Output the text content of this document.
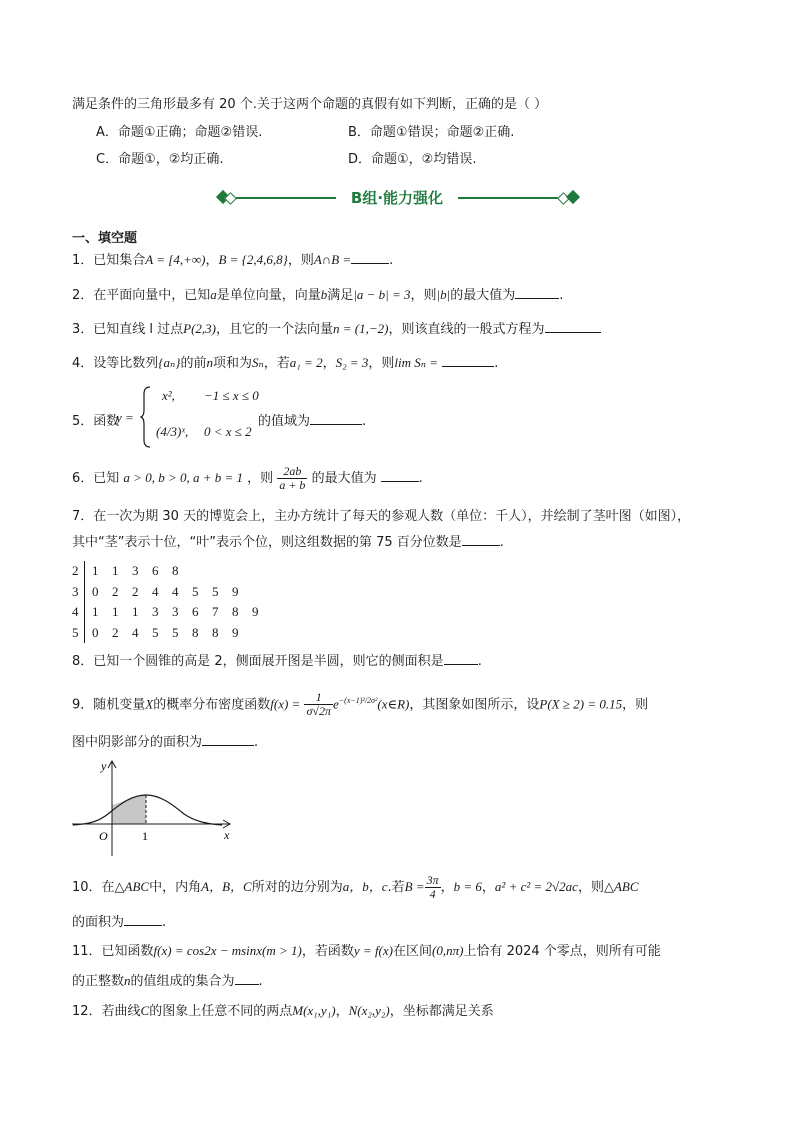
满足条件的三角形最多有 20 个.关于这两个命题的真假有如下判断，正确的是（ ）
A．命题①正确；命题②错误.	B．命题①错误；命题②正确.
C．命题①，②均正确.	D．命题①，②均错误.
B组·能力强化
一、填空题
1．已知集合A = [4,+∞)，B = {2,4,6,8}，则A∩B =	.
2．在平面向量中，已知a是单位向量，向量b满足|a − b| = 3，则|b|的最大值为	.
3．已知直线 l 过点P(2,3)，且它的一个法向量n = (1,−2)，则该直线的一般式方程为
4．设等比数列{aₙ}的前n项和为Sₙ，若a₁ = 2，S₂ = 3，则lim Sₙ =	.
5．函数
y =
x², −1 ≤ x ≤ 0
(4/3)ˣ, 0 < x ≤ 2
的值域为	.
6．已知 a > 0, b > 0, a + b = 1 ，则 $\frac{2ab}{a + b}$ 的最大值为	.
7．在一次为期 30 天的博览会上，主办方统计了每天的参观人数（单位：千人），并绘制了茎叶图（如图），
其中“茎”表示十位，“叶”表示个位，则这组数据的第 75 百分位数是	.
2 1 1 3 6 8
3 0 2 2 4 4 5 5 9
4 1 1 1 3 3 6 7 8 9
5 0 2 4 5 5 8 8 9
8．已知一个圆锥的高是 2，侧面展开图是半圆，则它的侧面积是	.
9．随机变量X的概率分布密度函数$f(x) = \frac{1}{\sigma√2\pi}$ $e^{-(x-1)^2/2\sigma^2}(x\in R)$，其图象如图所示，设P(X ≥ 2) = 0.15，则
图中阴影部分的面积为	.
y
x
O	1
10．在△ABC中，内角A，B，C所对的边分别为a，b，c.若$B = \frac{3\pi}{4}$ ，b = 6，a² + c² = 2√2ac，则△ABC
的面积为	.
11．已知函数f(x) = cos2x − msinx(m > 1)，若函数y = f(x)在区间(0,nπ)上恰有 2024 个零点，则所有可能
的正整数n的值组成的集合为 .
12．若曲线C的图象上任意不同的两点M(x₁,y₁)，N(x₂,y₂)，坐标都满足关系
